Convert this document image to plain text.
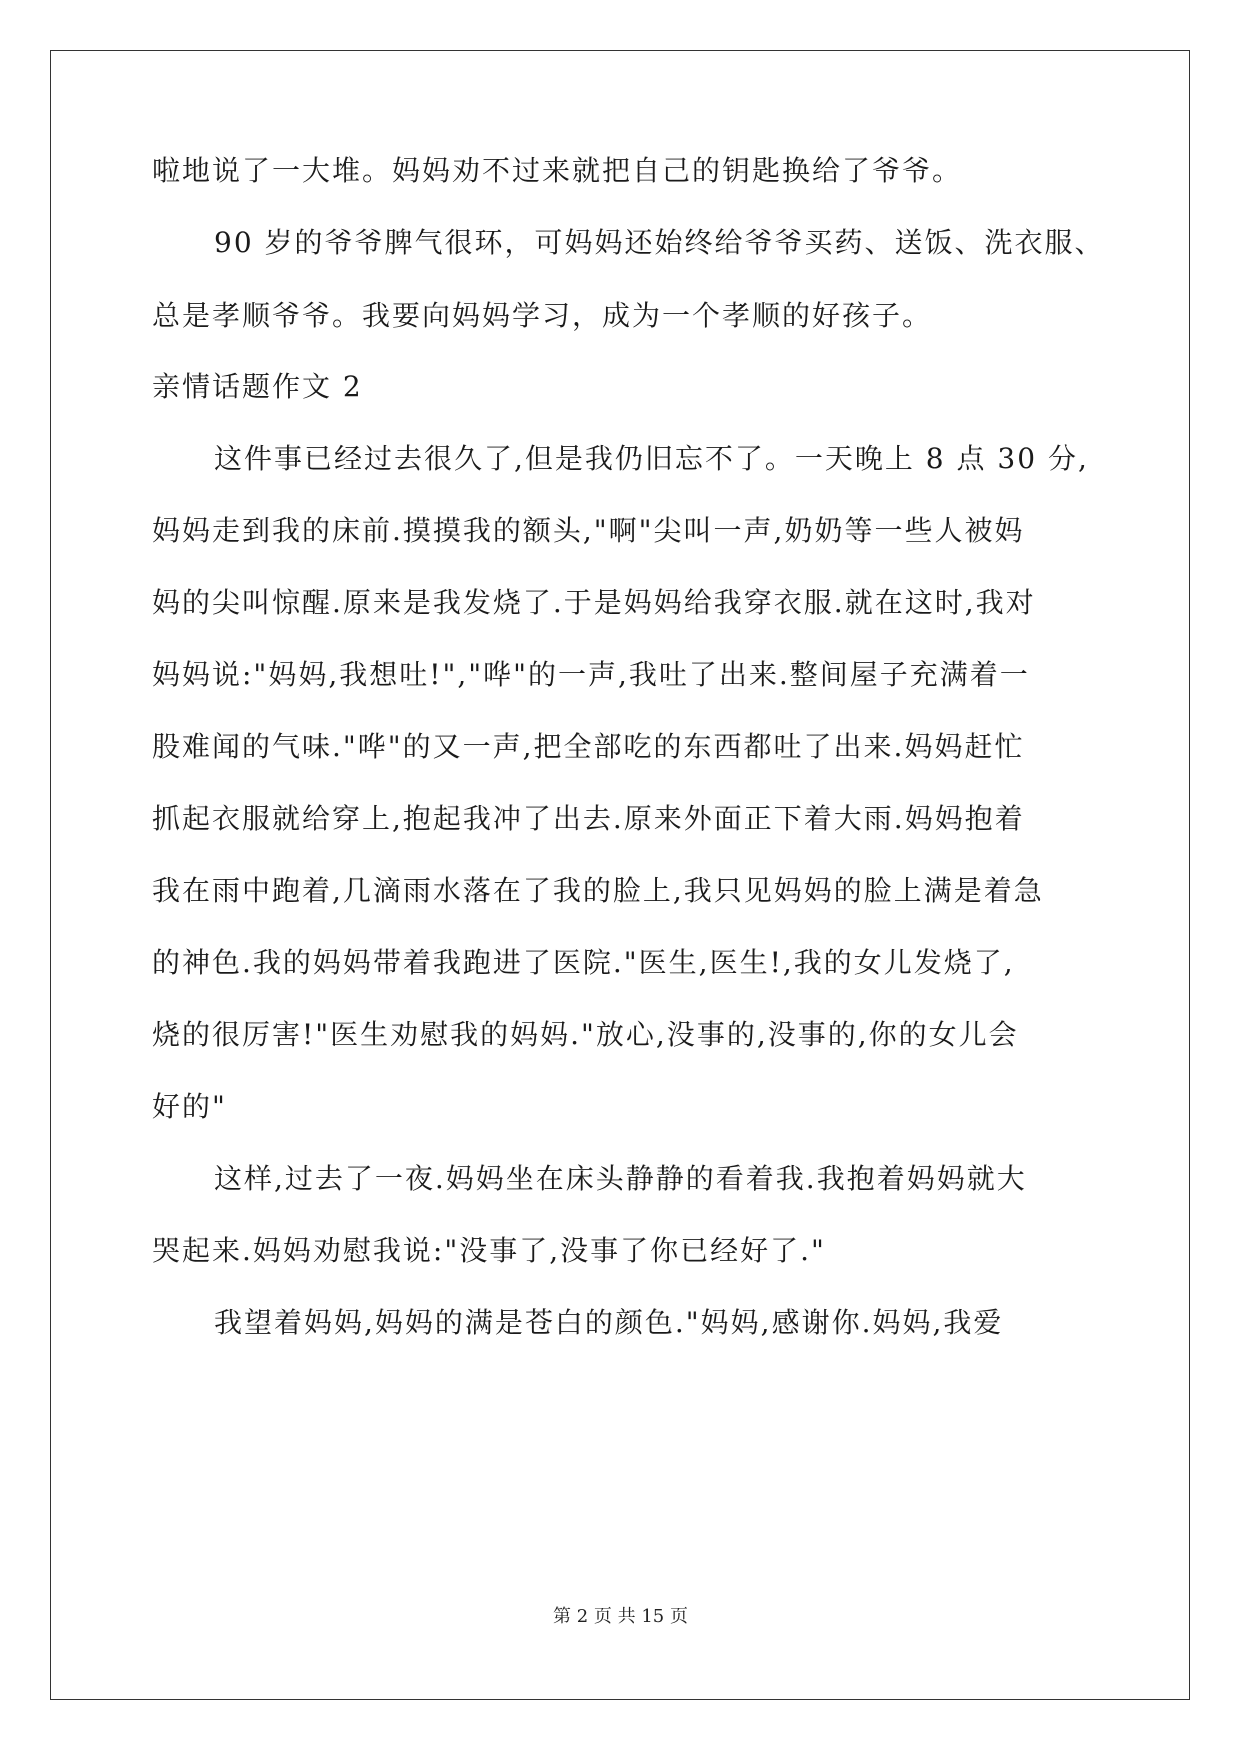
啦地说了一大堆。妈妈劝不过来就把自己的钥匙换给了爷爷。
90 岁的爷爷脾气很环，可妈妈还始终给爷爷买药、送饭、洗衣服、
总是孝顺爷爷。我要向妈妈学习，成为一个孝顺的好孩子。
亲情话题作文 2
这件事已经过去很久了,但是我仍旧忘不了。一天晚上 8 点 30 分,
妈妈走到我的床前.摸摸我的额头,"啊"尖叫一声,奶奶等一些人被妈
妈的尖叫惊醒.原来是我发烧了.于是妈妈给我穿衣服.就在这时,我对
妈妈说:"妈妈,我想吐!","哗"的一声,我吐了出来.整间屋子充满着一
股难闻的气味."哗"的又一声,把全部吃的东西都吐了出来.妈妈赶忙
抓起衣服就给穿上,抱起我冲了出去.原来外面正下着大雨.妈妈抱着
我在雨中跑着,几滴雨水落在了我的脸上,我只见妈妈的脸上满是着急
的神色.我的妈妈带着我跑进了医院."医生,医生!,我的女儿发烧了,
烧的很厉害!"医生劝慰我的妈妈."放心,没事的,没事的,你的女儿会
好的"
这样,过去了一夜.妈妈坐在床头静静的看着我.我抱着妈妈就大
哭起来.妈妈劝慰我说:"没事了,没事了你已经好了."
我望着妈妈,妈妈的满是苍白的颜色."妈妈,感谢你.妈妈,我爱
第 2 页 共 15 页
